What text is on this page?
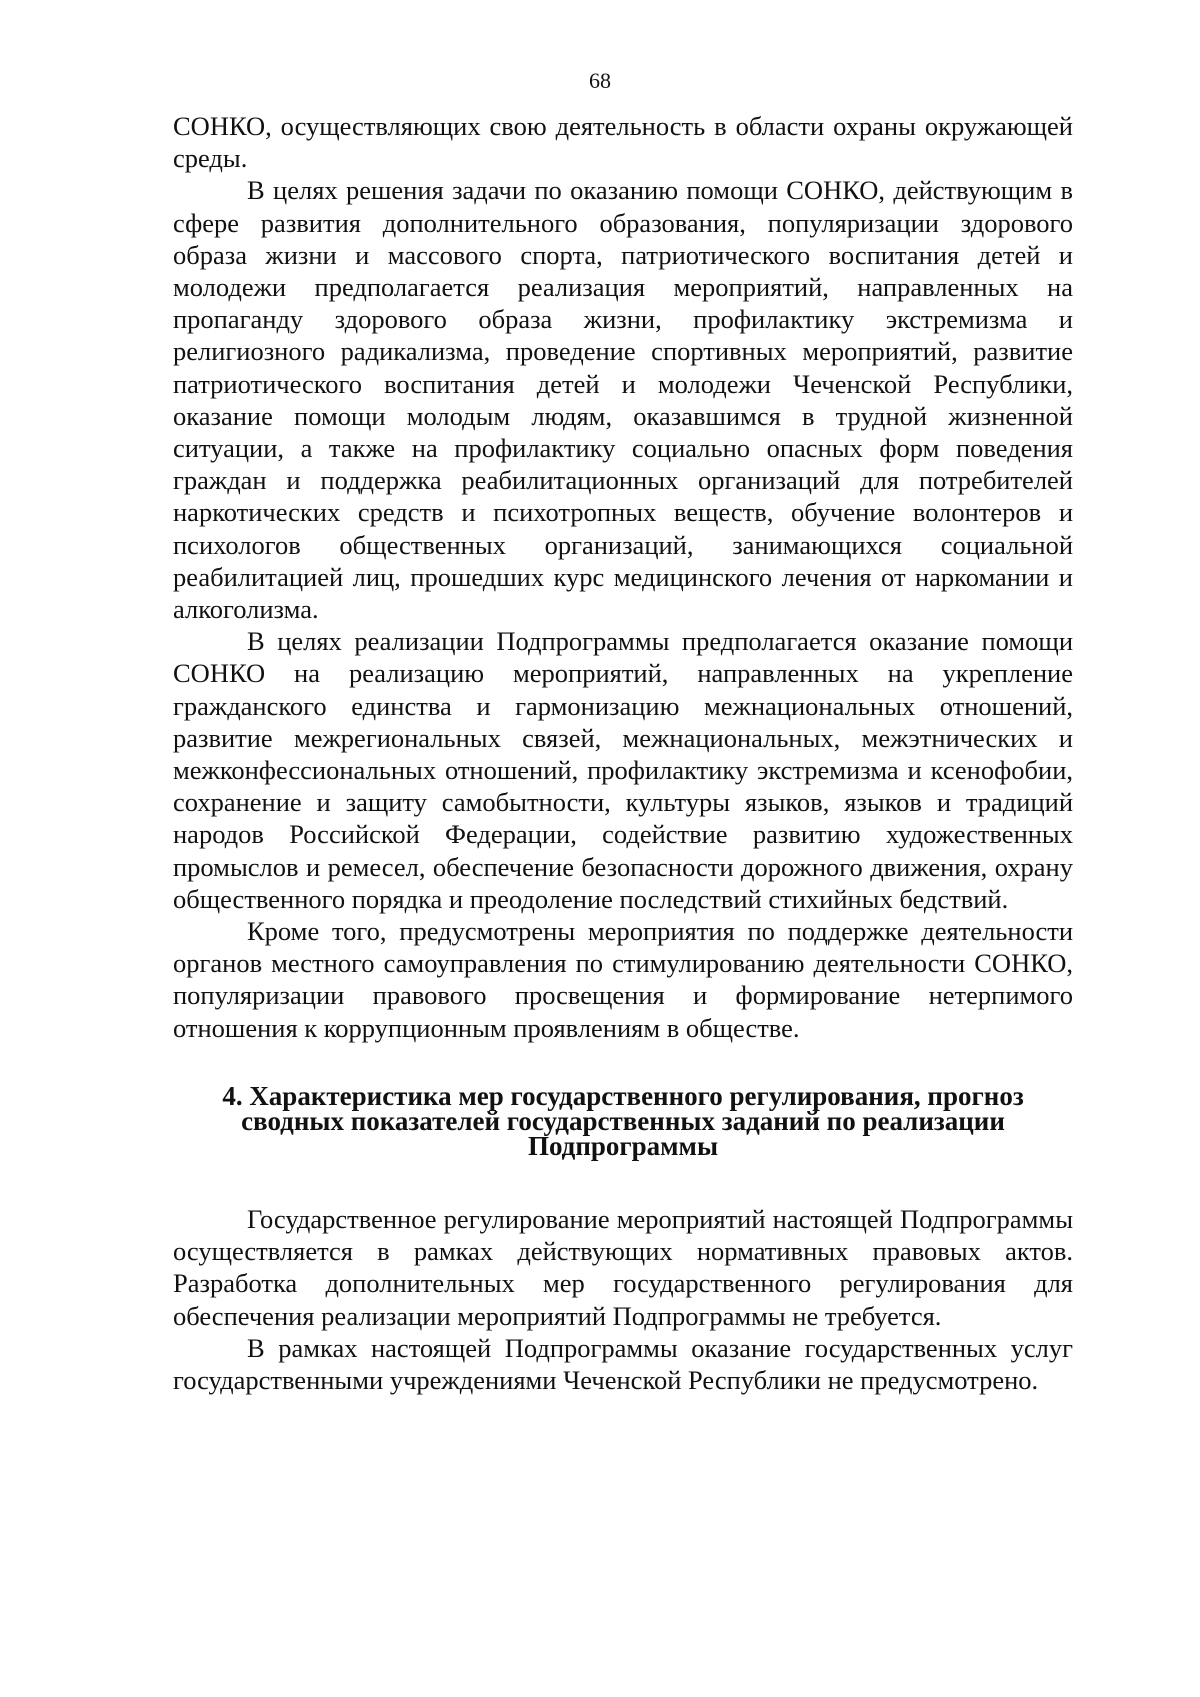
68

СОНКО, осуществляющих свою деятельность в области охраны окружающей среды.

В целях решения задачи по оказанию помощи СОНКО, действующим в сфере развития дополнительного образования, популяризации здорового образа жизни и массового спорта, патриотического воспитания детей и молодежи предполагается реализация мероприятий, направленных на пропаганду здорового образа жизни, профилактику экстремизма и религиозного радикализма, проведение спортивных мероприятий, развитие патриотического воспитания детей и молодежи Чеченской Республики, оказание помощи молодым людям, оказавшимся в трудной жизненной ситуации, а также на профилактику социально опасных форм поведения граждан и поддержка реабилитационных организаций для потребителей наркотических средств и психотропных веществ, обучение волонтеров и психологов общественных организаций, занимающихся социальной реабилитацией лиц, прошедших курс медицинского лечения от наркомании и алкоголизма.

В целях реализации Подпрограммы предполагается оказание помощи СОНКО на реализацию мероприятий, направленных на укрепление гражданского единства и гармонизацию межнациональных отношений, развитие межрегиональных связей, межнациональных, межэтнических и межконфессиональных отношений, профилактику экстремизма и ксенофобии, сохранение и защиту самобытности, культуры языков, языков и традиций народов Российской Федерации, содействие развитию художественных промыслов и ремесел, обеспечение безопасности дорожного движения, охрану общественного порядка и преодоление последствий стихийных бедствий.

Кроме того, предусмотрены мероприятия по поддержке деятельности органов местного самоуправления по стимулированию деятельности СОНКО, популяризации правового просвещения и формирование нетерпимого отношения к коррупционным проявлениям в обществе.

4. Характеристика мер государственного регулирования, прогноз
сводных показателей государственных заданий по реализации
Подпрограммы

Государственное регулирование мероприятий настоящей Подпрограммы осуществляется в рамках действующих нормативных правовых актов. Разработка дополнительных мер государственного регулирования для обеспечения реализации мероприятий Подпрограммы не требуется.

В рамках настоящей Подпрограммы оказание государственных услуг государственными учреждениями Чеченской Республики не предусмотрено.
